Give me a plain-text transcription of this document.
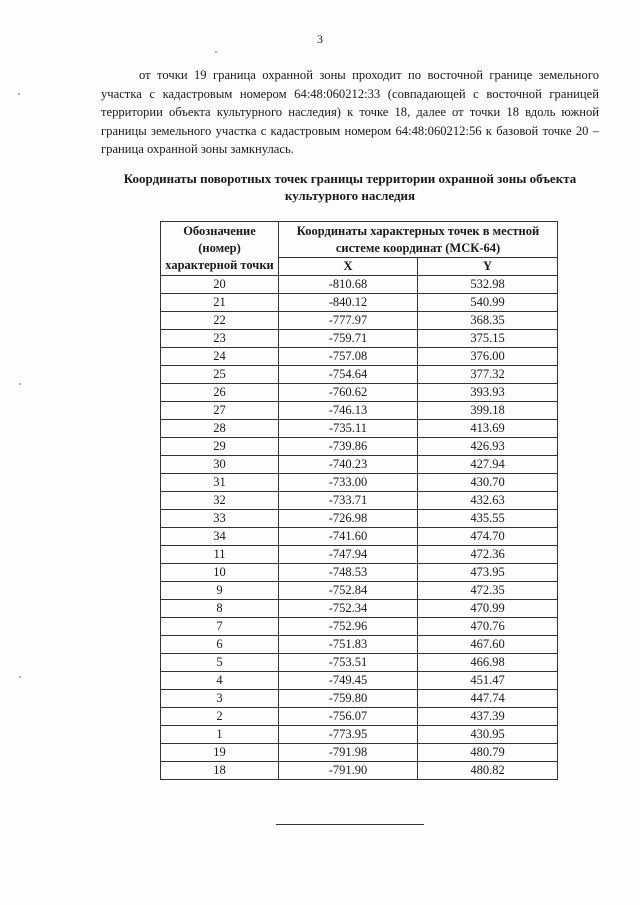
3

от точки 19 граница охранной зоны проходит по восточной границе земельного участка с кадастровым номером 64:48:060212:33 (совпадающей с восточной границей территории объекта культурного наследия) к точке 18, далее от точки 18 вдоль южной границы земельного участка с кадастровым номером 64:48:060212:56 к базовой точке 20 – граница охранной зоны замкнулась.

Координаты поворотных точек границы территории охранной зоны объекта культурного наследия
Обозначение (номер) характерной точки	Координаты характерных точек в местной системе координат (МСК-64)	
	X	Y
20	-810.68	532.98
21	-840.12	540.99
22	-777.97	368.35
23	-759.71	375.15
24	-757.08	376.00
25	-754.64	377.32
26	-760.62	393.93
27	-746.13	399.18
28	-735.11	413.69
29	-739.86	426.93
30	-740.23	427.94
31	-733.00	430.70
32	-733.71	432.63
33	-726.98	435.55
34	-741.60	474.70
11	-747.94	472.36
10	-748.53	473.95
9	-752.84	472.35
8	-752.34	470.99
7	-752.96	470.76
6	-751.83	467.60
5	-753.51	466.98
4	-749.45	451.47
3	-759.80	447.74
2	-756.07	437.39
1	-773.95	430.95
19	-791.98	480.79
18	-791.90	480.82
